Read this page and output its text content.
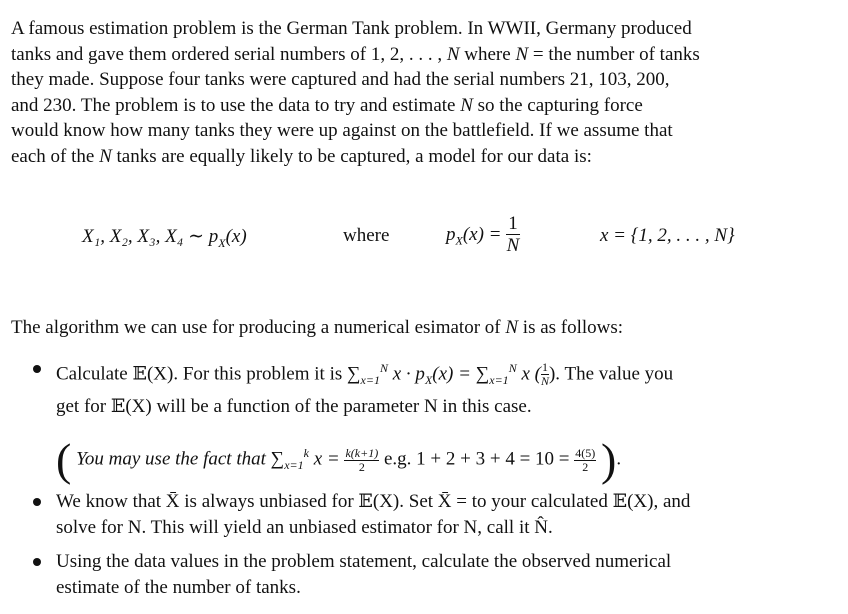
A famous estimation problem is the German Tank problem. In WWII, Germany produced
tanks and gave them ordered serial numbers of 1, 2, . . . , N where N = the number of tanks
they made. Suppose four tanks were captured and had the serial numbers 21, 103, 200,
and 230. The problem is to use the data to try and estimate N so the capturing force
would know how many tanks they were up against on the battlefield. If we assume that
each of the N tanks are equally likely to be captured, a model for our data is:
X₁, X₂, X₃, X₄ ∼ $p_X(x)$	where	$p_X(x) = \frac{1}{N}$	x = {1, 2, . . . , N}
The algorithm we can use for producing a numerical esimator of N is as follows:
Calculate 𝔼(X). For this problem it is $\sum_{x=1}^N$ $x \cdot p_X(x) = \sum_{x=1}^N$ x ( $\frac{1}{N}$ ). The value you
get for 𝔼(X) will be a function of the parameter N in this case.
( You may use the fact that $\sum_{x=1}^k$ $x = \frac{k(k+1)}{2} e.g$. $1 + 2 + 3 + 4 = 10 = \frac{4(5)}{2}$ ).
We know that X̄ is always unbiased for 𝔼(X). Set X̄ = to your calculated 𝔼(X), and
solve for N. This will yield an unbiased estimator for N, call it N̂.
Using the data values in the problem statement, calculate the observed numerical
estimate of the number of tanks.
